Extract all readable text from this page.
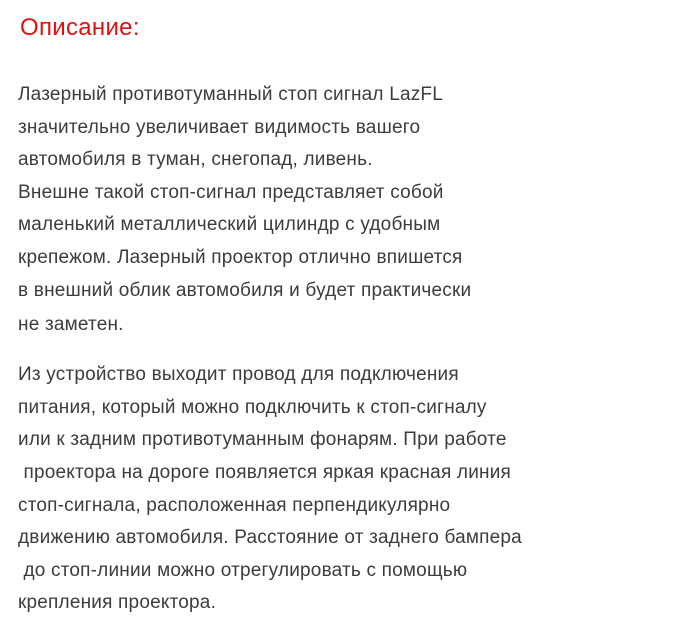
Описание:
Лазерный противотуманный стоп сигнал LazFL
значительно увеличивает видимость вашего
автомобиля в туман, снегопад, ливень.
Внешне такой стоп-сигнал представляет собой
маленький металлический цилиндр с удобным
крепежом. Лазерный проектор отлично впишется
в внешний облик автомобиля и будет практически
не заметен.
Из устройство выходит провод для подключения
питания, который можно подключить к стоп-сигналу
или к задним противотуманным фонарям. При работе
проектора на дороге появляется яркая красная линия
стоп-сигнала, расположенная перпендикулярно
движению автомобиля. Расстояние от заднего бампера
до стоп-линии можно отрегулировать с помощью
крепления проектора.
